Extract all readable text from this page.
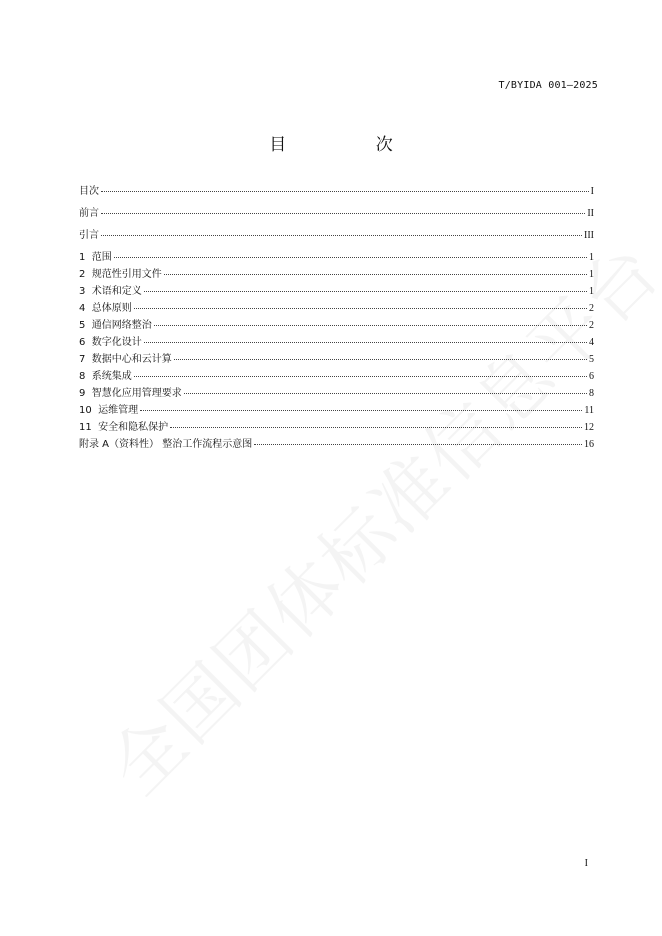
T/BYIDA 001—2025
目 次
目次	I
前言	II
引言	III
1  范围	1
2  规范性引用文件	1
3  术语和定义	1
4  总体原则	2
5  通信网络整治	2
6  数字化设计	4
7  数据中心和云计算	5
8  系统集成	6
9  智慧化应用管理要求	8
10  运维管理	11
11  安全和隐私保护	12
附录 A（资料性） 整治工作流程示意图	16
I
